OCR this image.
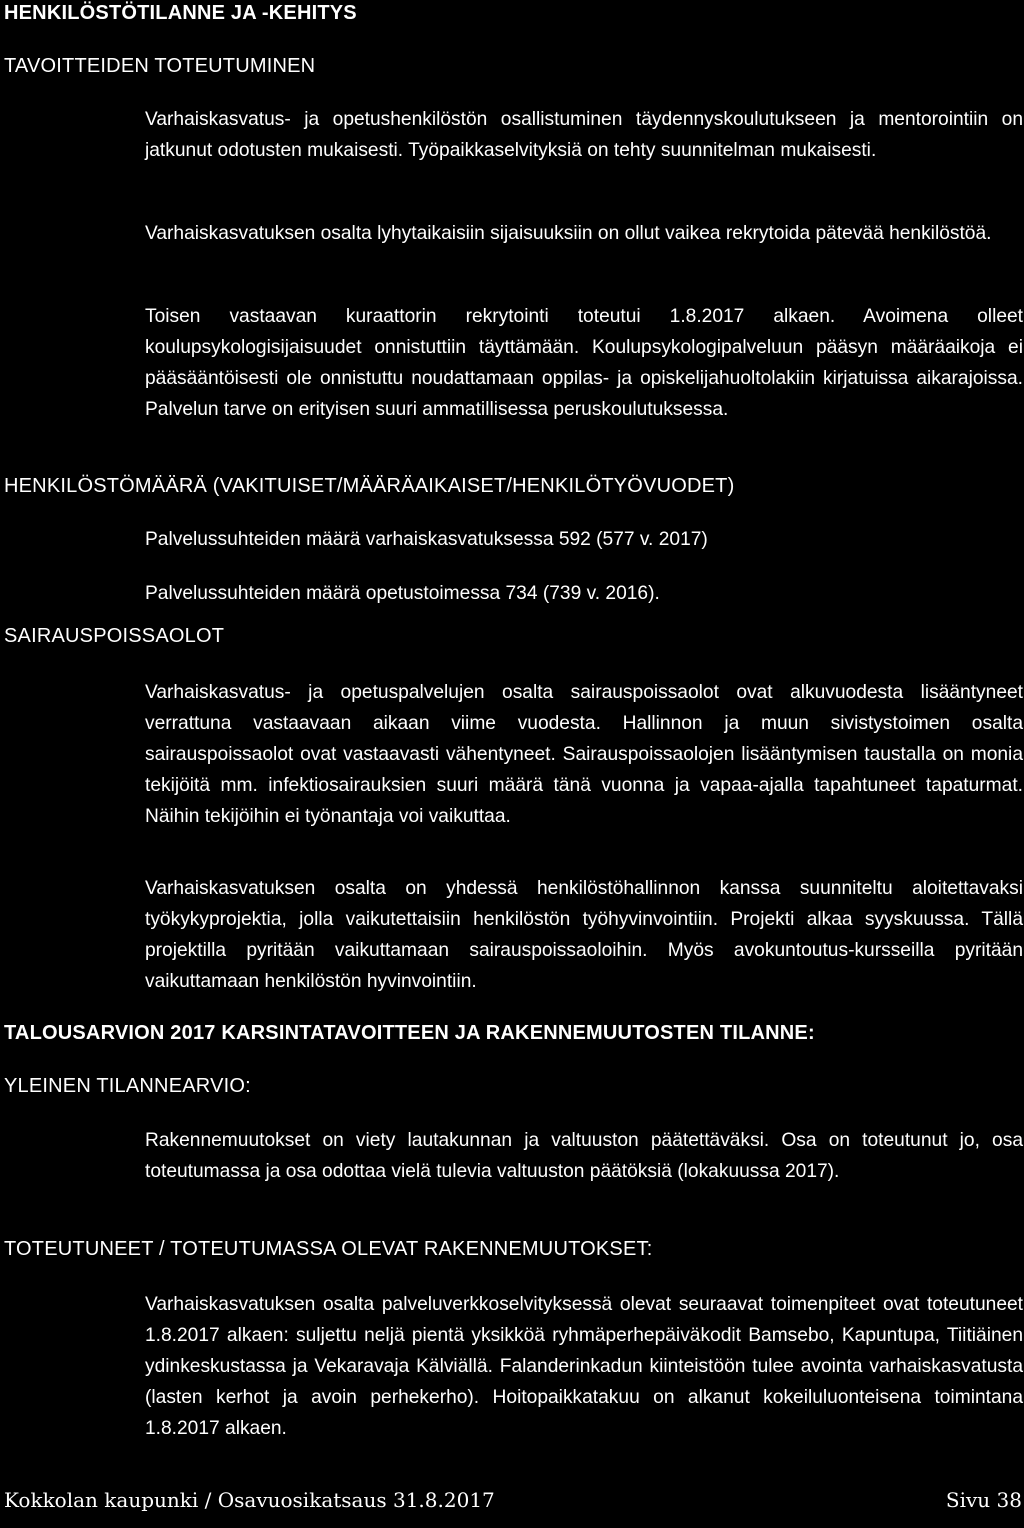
HENKILÖSTÖTILANNE JA -KEHITYS
TAVOITTEIDEN TOTEUTUMINEN
Varhaiskasvatus- ja opetushenkilöstön osallistuminen täydennyskoulutukseen ja mentorointiin on jatkunut odotusten mukaisesti. Työpaikkaselvityksiä on tehty suunnitelman mukaisesti.
Varhaiskasvatuksen osalta lyhytaikaisiin sijaisuuksiin on ollut vaikea rekrytoida pätevää henkilöstöä.
Toisen vastaavan kuraattorin rekrytointi toteutui 1.8.2017 alkaen. Avoimena olleet koulupsykologisijaisuudet onnistuttiin täyttämään. Koulupsykologipalveluun pääsyn määräaikoja ei pääsääntöisesti ole onnistuttu noudattamaan oppilas- ja opiskelijahuoltolakiin kirjatuissa aikarajoissa. Palvelun tarve on erityisen suuri ammatillisessa peruskoulutuksessa.
HENKILÖSTÖMÄÄRÄ (VAKITUISET/MÄÄRÄAIKAISET/HENKILÖTYÖVUODET)
Palvelussuhteiden määrä varhaiskasvatuksessa 592 (577 v. 2017)
Palvelussuhteiden määrä opetustoimessa 734 (739 v. 2016).
SAIRAUSPOISSAOLOT
Varhaiskasvatus- ja opetuspalvelujen osalta sairauspoissaolot ovat alkuvuodesta lisääntyneet verrattuna vastaavaan aikaan viime vuodesta. Hallinnon ja muun sivistystoimen osalta sairauspoissaolot ovat vastaavasti vähentyneet. Sairauspoissaolojen lisääntymisen taustalla on monia tekijöitä mm. infektiosairauksien suuri määrä tänä vuonna ja vapaa-ajalla tapahtuneet tapaturmat. Näihin tekijöihin ei työnantaja voi vaikuttaa.
Varhaiskasvatuksen osalta on yhdessä henkilöstöhallinnon kanssa suunniteltu aloitettavaksi työkykyprojektia, jolla vaikutettaisiin henkilöstön työhyvinvointiin. Projekti alkaa syyskuussa. Tällä projektilla pyritään vaikuttamaan sairauspoissaoloihin. Myös avokuntoutus-kursseilla pyritään vaikuttamaan henkilöstön hyvinvointiin.
TALOUSARVION 2017 KARSINTATAVOITTEEN JA RAKENNEMUUTOSTEN TILANNE:
YLEINEN TILANNEARVIO:
Rakennemuutokset on viety lautakunnan ja valtuuston päätettäväksi. Osa on toteutunut jo, osa toteutumassa ja osa odottaa vielä tulevia valtuuston päätöksiä (lokakuussa 2017).
TOTEUTUNEET / TOTEUTUMASSA OLEVAT RAKENNEMUUTOKSET:
Varhaiskasvatuksen osalta palveluverkkoselvityksessä olevat seuraavat toimenpiteet ovat toteutuneet 1.8.2017 alkaen: suljettu neljä pientä yksikköä ryhmäperhepäiväkodit Bamsebo, Kapuntupa, Tiitiäinen ydinkeskustassa ja Vekaravaja Kälviällä. Falanderinkadun kiinteistöön tulee avointa varhaiskasvatusta (lasten kerhot ja avoin perhekerho). Hoitopaikkatakuu on alkanut kokeiluluonteisena toimintana 1.8.2017 alkaen.
Kokkolan kaupunki / Osavuosikatsaus 31.8.2017	Sivu 38
